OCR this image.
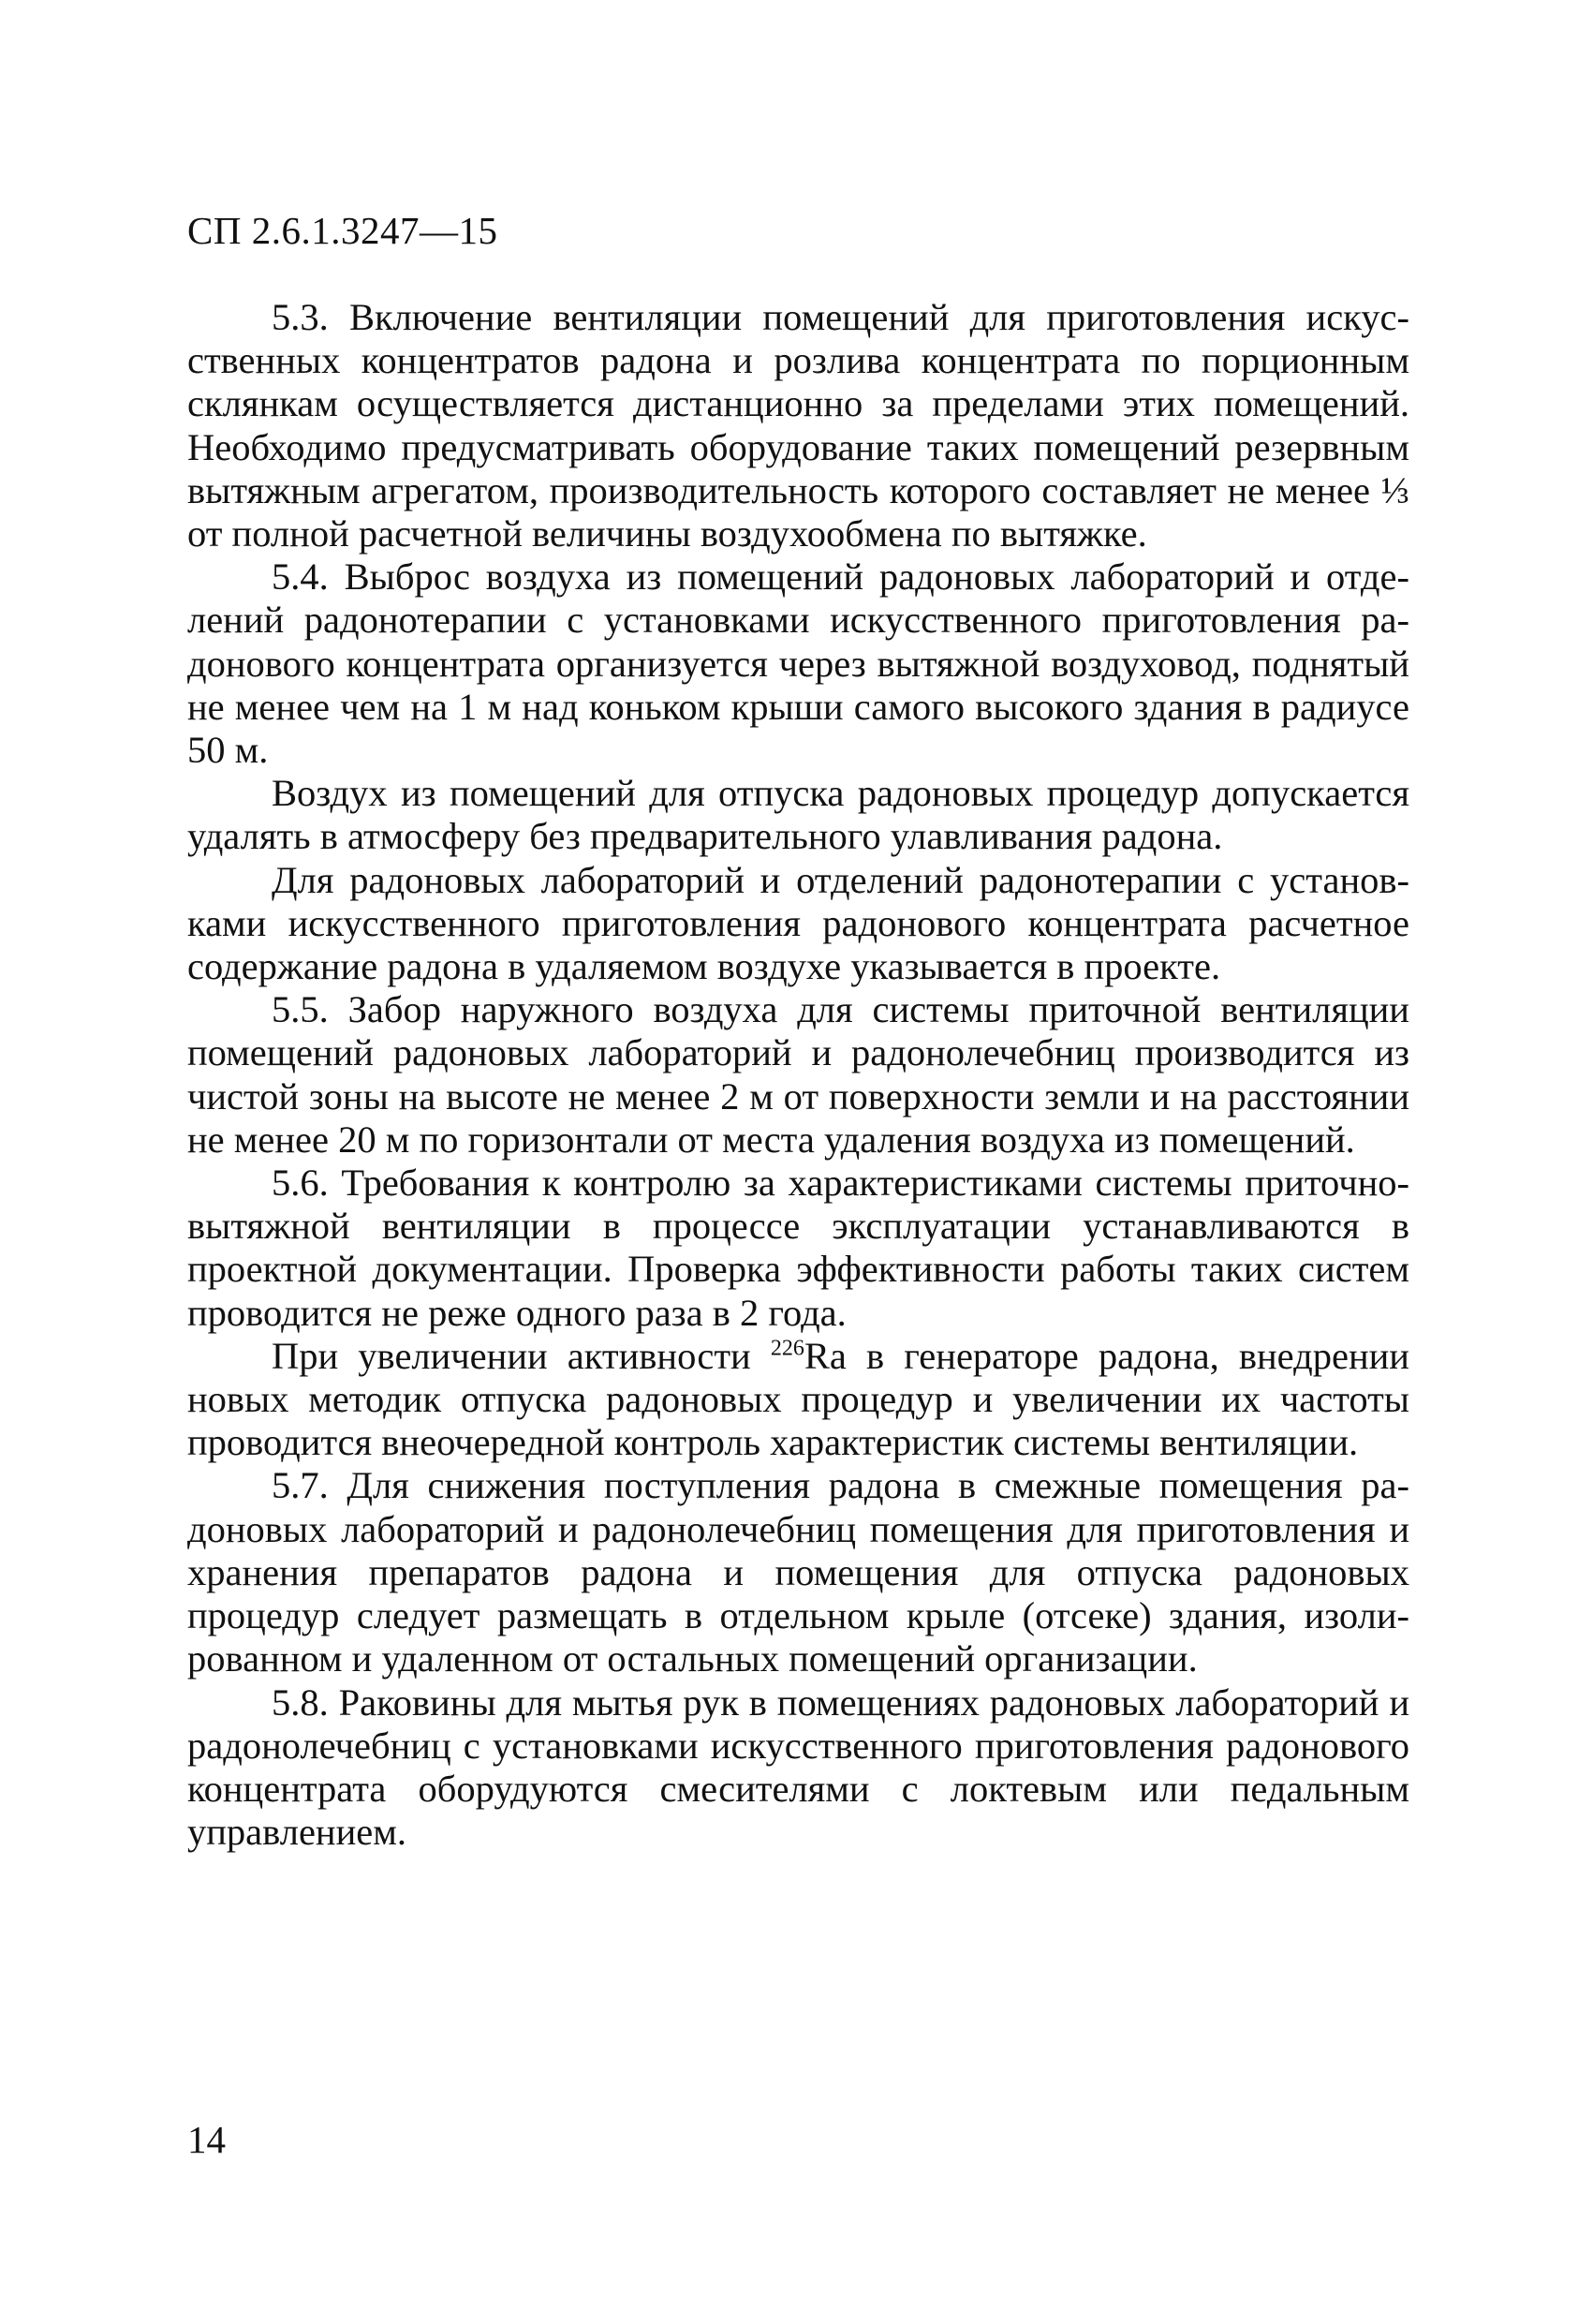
СП 2.6.1.3247—15

5.3. Включение вентиляции помещений для приготовления искусственных концентратов радона и розлива концентрата по порционным склянкам осуществляется дистанционно за пределами этих помещений. Необходимо предусматривать оборудование таких помещений резервным вытяжным агрегатом, производительность которого составляет не менее ⅓ от полной расчетной величины воздухообмена по вытяжке.

5.4. Выброс воздуха из помещений радоновых лабораторий и отделений радонотерапии с установками искусственного приготовления радонового концентрата организуется через вытяжной воздуховод, поднятый не менее чем на 1 м над коньком крыши самого высокого здания в радиусе 50 м.

Воздух из помещений для отпуска радоновых процедур допускается удалять в атмосферу без предварительного улавливания радона.

Для радоновых лабораторий и отделений радонотерапии с установками искусственного приготовления радонового концентрата расчетное содержание радона в удаляемом воздухе указывается в проекте.

5.5. Забор наружного воздуха для системы приточной вентиляции помещений радоновых лабораторий и радонолечебниц производится из чистой зоны на высоте не менее 2 м от поверхности земли и на расстоянии не менее 20 м по горизонтали от места удаления воздуха из помещений.

5.6. Требования к контролю за характеристиками системы приточно-вытяжной вентиляции в процессе эксплуатации устанавливаются в проектной документации. Проверка эффективности работы таких систем проводится не реже одного раза в 2 года.

При увеличении активности $^{226}$Ra в генераторе радона, внедрении новых методик отпуска радоновых процедур и увеличении их частоты проводится внеочередной контроль характеристик системы вентиляции.

5.7. Для снижения поступления радона в смежные помещения радоновых лабораторий и радонолечебниц помещения для приготовления и хранения препаратов радона и помещения для отпуска радоновых процедур следует размещать в отдельном крыле (отсеке) здания, изолированном и удаленном от остальных помещений организации.

5.8. Раковины для мытья рук в помещениях радоновых лабораторий и радонолечебниц с установками искусственного приготовления радонового концентрата оборудуются смесителями с локтевым или педальным управлением.

14
